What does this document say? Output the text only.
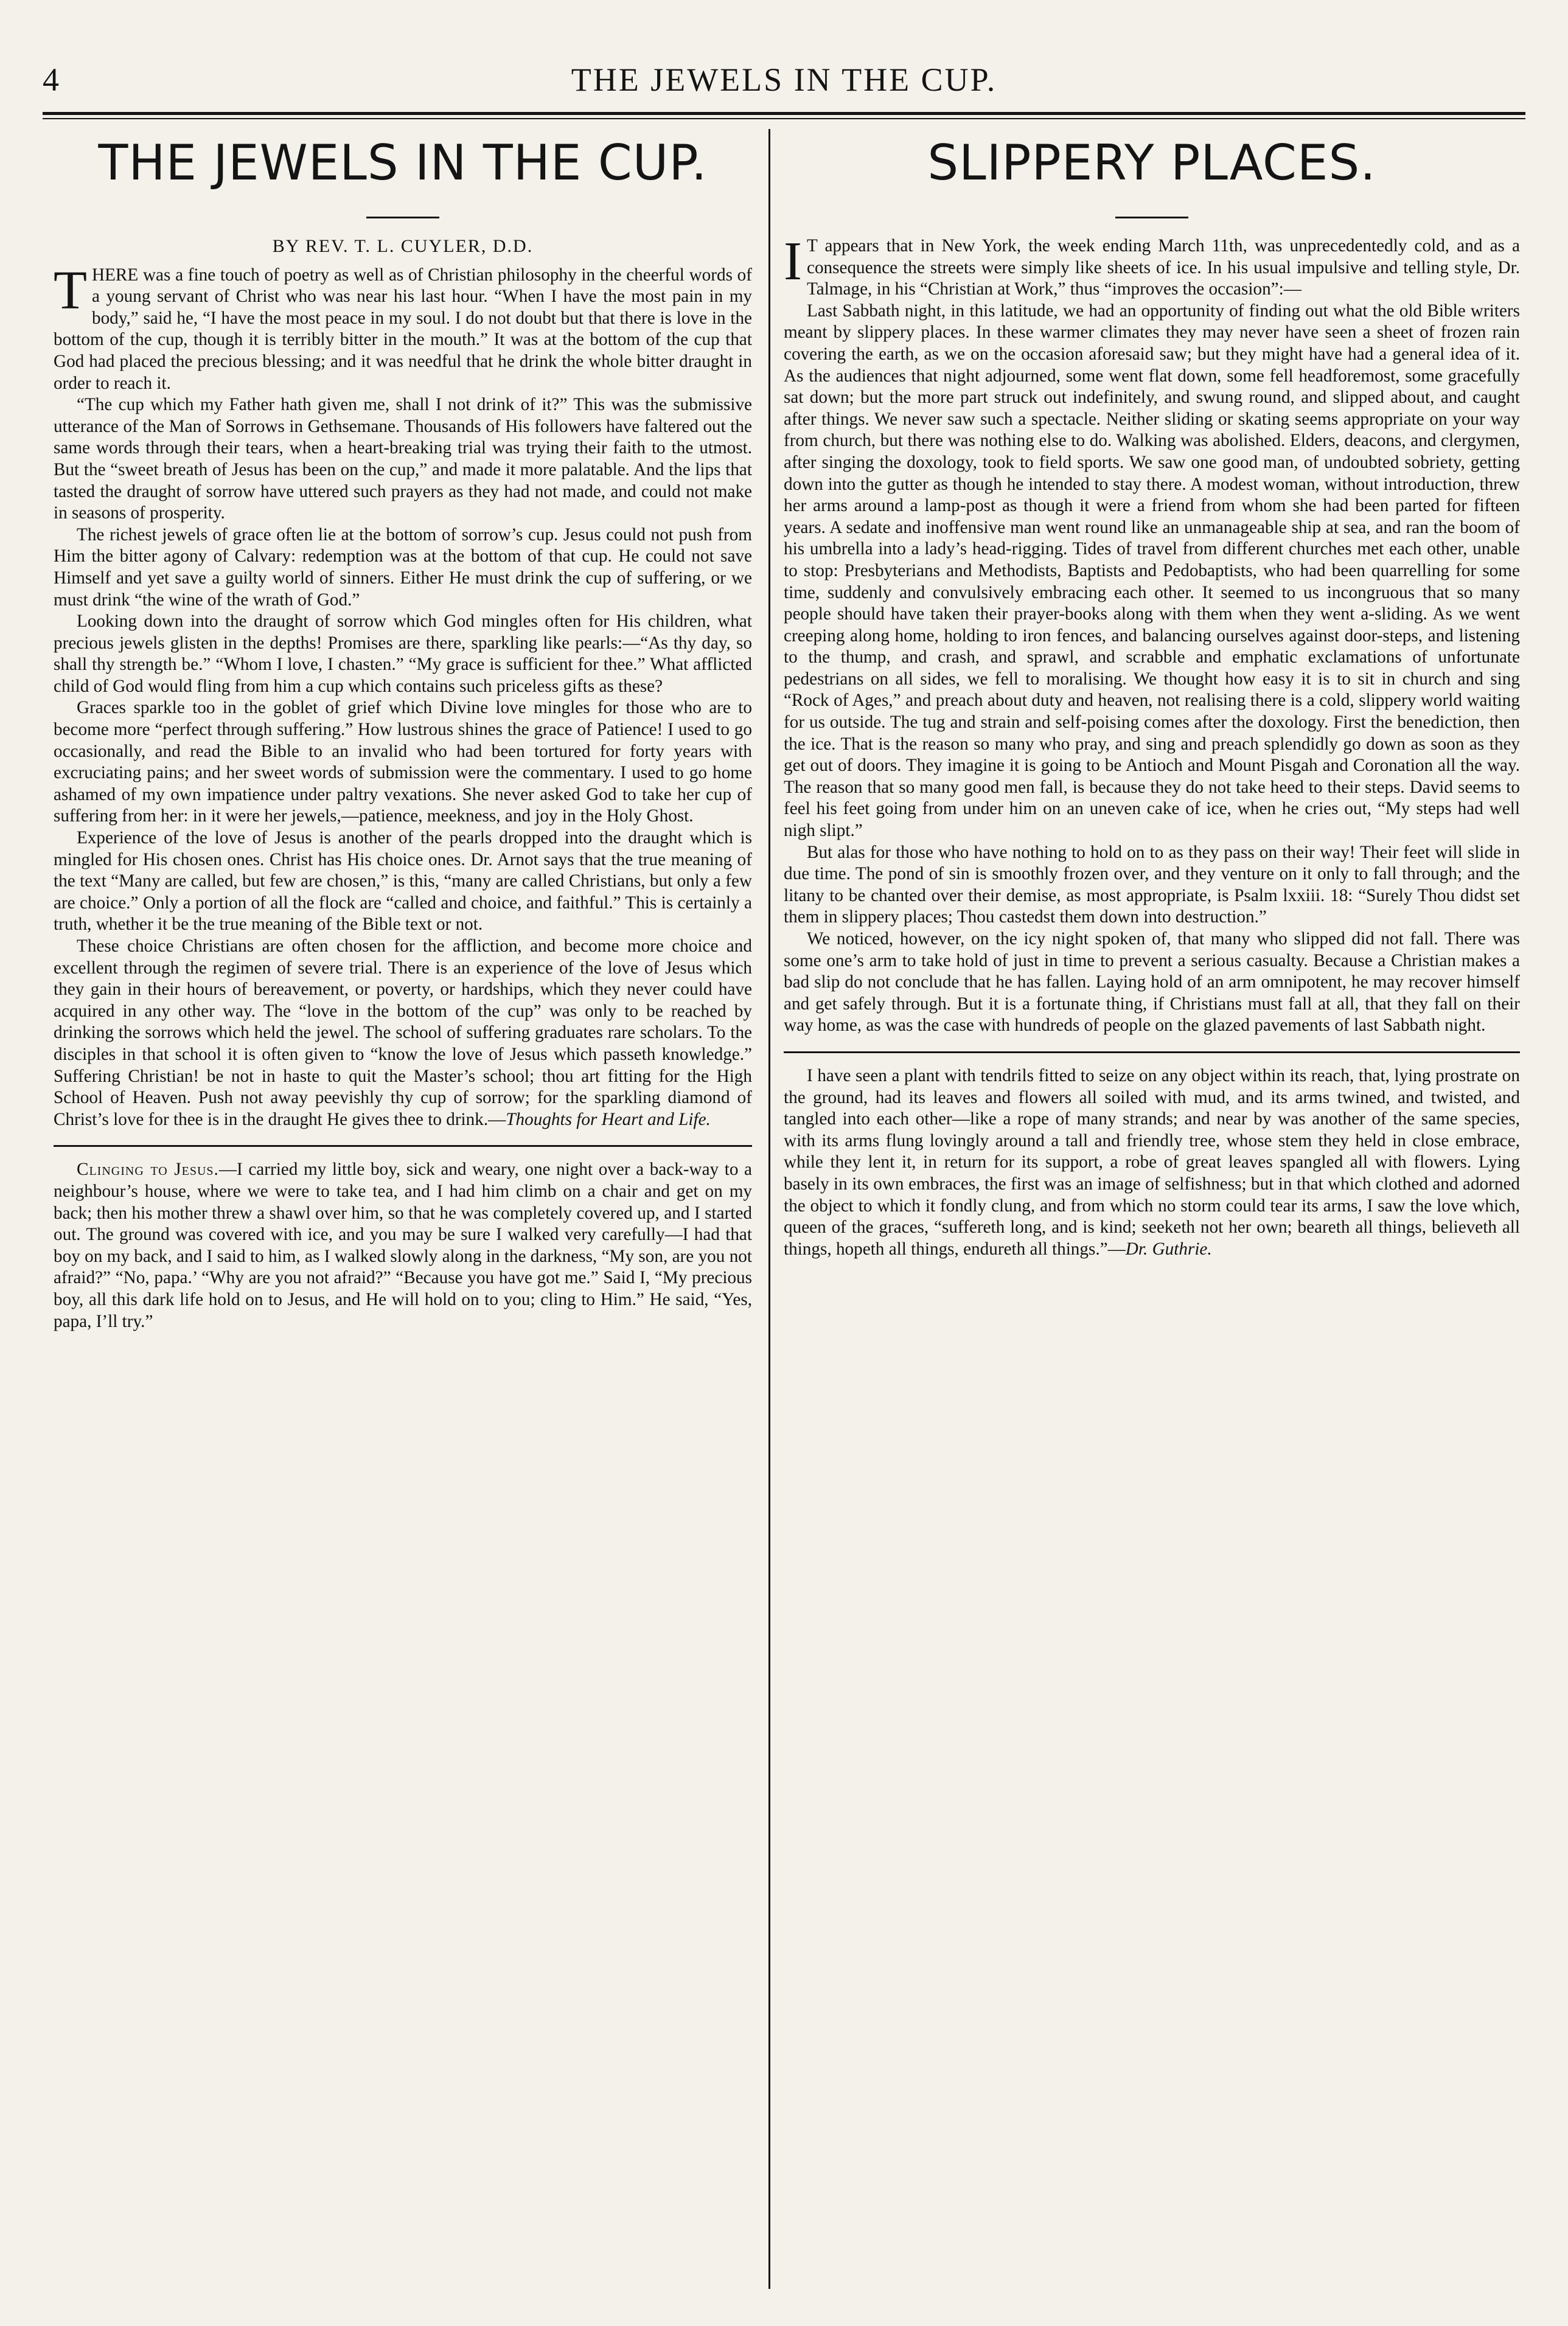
4	THE JEWELS IN THE CUP.
THE JEWELS IN THE CUP.
BY REV. T. L. CUYLER, D.D.

THERE was a fine touch of poetry as well as of Christian philosophy in the cheerful words of a young servant of Christ who was near his last hour. “When I have the most pain in my body,” said he, “I have the most peace in my soul. I do not doubt but that there is love in the bottom of the cup, though it is terribly bitter in the mouth.” It was at the bottom of the cup that God had placed the precious blessing; and it was needful that he drink the whole bitter draught in order to reach it.

“The cup which my Father hath given me, shall I not drink of it?” This was the submissive utterance of the Man of Sorrows in Gethsemane. Thousands of His followers have faltered out the same words through their tears, when a heart-breaking trial was trying their faith to the utmost. But the “sweet breath of Jesus has been on the cup,” and made it more palatable. And the lips that tasted the draught of sorrow have uttered such prayers as they had not made, and could not make in seasons of prosperity.

The richest jewels of grace often lie at the bottom of sorrow’s cup. Jesus could not push from Him the bitter agony of Calvary: redemption was at the bottom of that cup. He could not save Himself and yet save a guilty world of sinners. Either He must drink the cup of suffering, or we must drink “the wine of the wrath of God.”

Looking down into the draught of sorrow which God mingles often for His children, what precious jewels glisten in the depths! Promises are there, sparkling like pearls:—“As thy day, so shall thy strength be.” “Whom I love, I chasten.” “My grace is sufficient for thee.” What afflicted child of God would fling from him a cup which contains such priceless gifts as these?

Graces sparkle too in the goblet of grief which Divine love mingles for those who are to become more “perfect through suffering.” How lustrous shines the grace of Patience! I used to go occasionally, and read the Bible to an invalid who had been tortured for forty years with excruciating pains; and her sweet words of submission were the commentary. I used to go home ashamed of my own impatience under paltry vexations. She never asked God to take her cup of suffering from her: in it were her jewels,—patience, meekness, and joy in the Holy Ghost.

Experience of the love of Jesus is another of the pearls dropped into the draught which is mingled for His chosen ones. Christ has His choice ones. Dr. Arnot says that the true meaning of the text “Many are called, but few are chosen,” is this, “many are called Christians, but only a few are choice.” Only a portion of all the flock are “called and choice, and faithful.” This is certainly a truth, whether it be the true meaning of the Bible text or not.

These choice Christians are often chosen for the affliction, and become more choice and excellent through the regimen of severe trial. There is an experience of the love of Jesus which they gain in their hours of bereavement, or poverty, or hardships, which they never could have acquired in any other way. The “love in the bottom of the cup” was only to be reached by drinking the sorrows which held the jewel. The school of suffering graduates rare scholars. To the disciples in that school it is often given to “know the love of Jesus which passeth knowledge.” Suffering Christian! be not in haste to quit the Master’s school; thou art fitting for the High School of Heaven. Push not away peevishly thy cup of sorrow; for the sparkling diamond of Christ’s love for thee is in the draught He gives thee to drink.—Thoughts for Heart and Life.

Clinging to Jesus.—I carried my little boy, sick and weary, one night over a back-way to a neighbour’s house, where we were to take tea, and I had him climb on a chair and get on my back; then his mother threw a shawl over him, so that he was completely covered up, and I started out. The ground was covered with ice, and you may be sure I walked very carefully—I had that boy on my back, and I said to him, as I walked slowly along in the darkness, “My son, are you not afraid?” “No, papa.’ “Why are you not afraid?” “Because you have got me.” Said I, “My precious boy, all this dark life hold on to Jesus, and He will hold on to you; cling to Him.” He said, “Yes, papa, I’ll try.”

SLIPPERY PLACES.

I T appears that in New York, the week ending March 11th, was unprecedentedly cold, and as a consequence the streets were simply like sheets of ice. In his usual impulsive and telling style, Dr. Talmage, in his “Christian at Work,” thus “improves the occasion”:—

Last Sabbath night, in this latitude, we had an opportunity of finding out what the old Bible writers meant by slippery places. In these warmer climates they may never have seen a sheet of frozen rain covering the earth, as we on the occasion aforesaid saw; but they might have had a general idea of it. As the audiences that night adjourned, some went flat down, some fell headforemost, some gracefully sat down; but the more part struck out indefinitely, and swung round, and slipped about, and caught after things. We never saw such a spectacle. Neither sliding or skating seems appropriate on your way from church, but there was nothing else to do. Walking was abolished. Elders, deacons, and clergymen, after singing the doxology, took to field sports. We saw one good man, of undoubted sobriety, getting down into the gutter as though he intended to stay there. A modest woman, without introduction, threw her arms around a lamp-post as though it were a friend from whom she had been parted for fifteen years. A sedate and inoffensive man went round like an unmanageable ship at sea, and ran the boom of his umbrella into a lady’s head-rigging. Tides of travel from different churches met each other, unable to stop: Presbyterians and Methodists, Baptists and Pedobaptists, who had been quarrelling for some time, suddenly and convulsively embracing each other. It seemed to us incongruous that so many people should have taken their prayer-books along with them when they went a-sliding. As we went creeping along home, holding to iron fences, and balancing ourselves against door-steps, and listening to the thump, and crash, and sprawl, and scrabble and emphatic exclamations of unfortunate pedestrians on all sides, we fell to moralising. We thought how easy it is to sit in church and sing “Rock of Ages,” and preach about duty and heaven, not realising there is a cold, slippery world waiting for us outside. The tug and strain and self-poising comes after the doxology. First the benediction, then the ice. That is the reason so many who pray, and sing and preach splendidly go down as soon as they get out of doors. They imagine it is going to be Antioch and Mount Pisgah and Coronation all the way. The reason that so many good men fall, is because they do not take heed to their steps. David seems to feel his feet going from under him on an uneven cake of ice, when he cries out, “My steps had well nigh slipt.”

But alas for those who have nothing to hold on to as they pass on their way! Their feet will slide in due time. The pond of sin is smoothly frozen over, and they venture on it only to fall through; and the litany to be chanted over their demise, as most appropriate, is Psalm lxxiii. 18: “Surely Thou didst set them in slippery places; Thou castedst them down into destruction.”

We noticed, however, on the icy night spoken of, that many who slipped did not fall. There was some one’s arm to take hold of just in time to prevent a serious casualty. Because a Christian makes a bad slip do not conclude that he has fallen. Laying hold of an arm omnipotent, he may recover himself and get safely through. But it is a fortunate thing, if Christians must fall at all, that they fall on their way home, as was the case with hundreds of people on the glazed pavements of last Sabbath night.

I have seen a plant with tendrils fitted to seize on any object within its reach, that, lying prostrate on the ground, had its leaves and flowers all soiled with mud, and its arms twined, and twisted, and tangled into each other—like a rope of many strands; and near by was another of the same species, with its arms flung lovingly around a tall and friendly tree, whose stem they held in close embrace, while they lent it, in return for its support, a robe of great leaves spangled all with flowers. Lying basely in its own embraces, the first was an image of selfishness; but in that which clothed and adorned the object to which it fondly clung, and from which no storm could tear its arms, I saw the love which, queen of the graces, “suffereth long, and is kind; seeketh not her own; beareth all things, believeth all things, hopeth all things, endureth all things.”—Dr. Guthrie.
